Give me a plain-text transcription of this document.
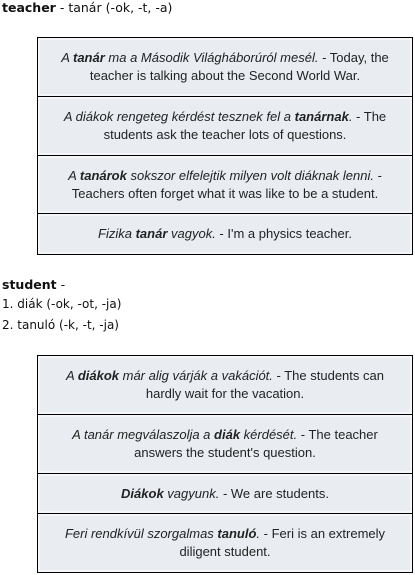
teacher - tanár (-ok, -t, -a)
A tanár ma a Második Világháborúról mesél. - Today, the teacher is talking about the Second World War.
A diákok rengeteg kérdést tesznek fel a tanárnak. - The students ask the teacher lots of questions.
A tanárok sokszor elfelejtik milyen volt diáknak lenni. - Teachers often forget what it was like to be a student.
Fizika tanár vagyok. - I'm a physics teacher.
student -
1. diák (-ok, -ot, -ja)
2. tanuló (-k, -t, -ja)
A diákok már alig várják a vakációt. - The students can hardly wait for the vacation.
A tanár megválaszolja a diák kérdését. - The teacher answers the student's question.
Diákok vagyunk. - We are students.
Feri rendkívül szorgalmas tanuló. - Feri is an extremely diligent student.
